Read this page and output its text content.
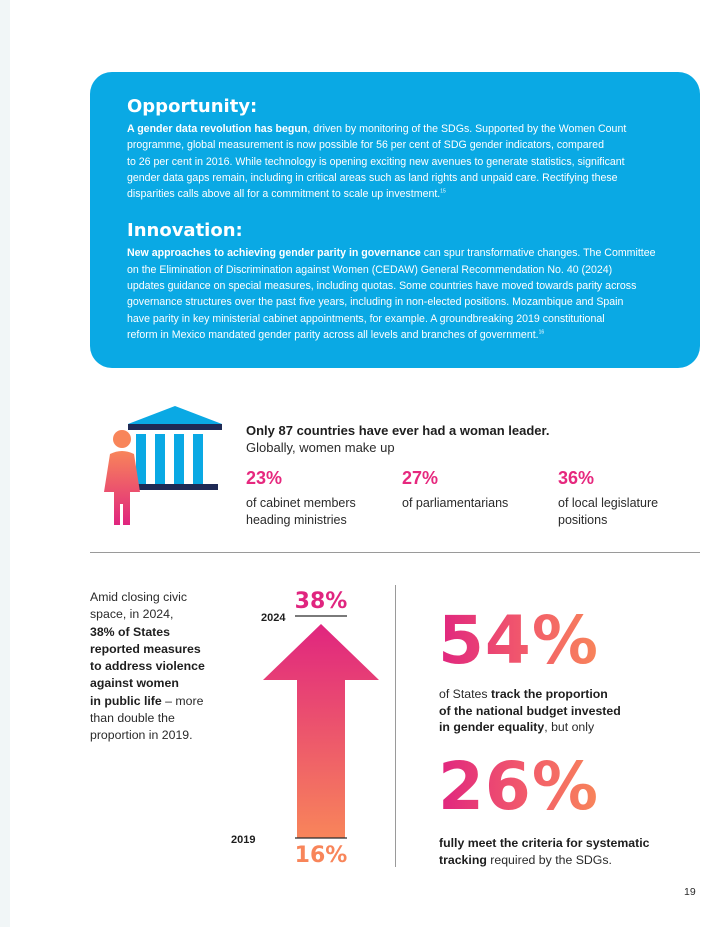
Opportunity:

A gender data revolution has begun, driven by monitoring of the SDGs. Supported by the Women Count
programme, global measurement is now possible for 56 per cent of SDG gender indicators, compared
to 26 per cent in 2016. While technology is opening exciting new avenues to generate statistics, significant
gender data gaps remain, including in critical areas such as land rights and unpaid care. Rectifying these
disparities calls above all for a commitment to scale up investment.$^{15}$

Innovation:

New approaches to achieving gender parity in governance can spur transformative changes. The Committee
on the Elimination of Discrimination against Women (CEDAW) General Recommendation No. 40 (2024)
updates guidance on special measures, including quotas. Some countries have moved towards parity across
governance structures over the past five years, including in non-elected positions. Mozambique and Spain
have parity in key ministerial cabinet appointments, for example. A groundbreaking 2019 constitutional
reform in Mexico mandated gender parity across all levels and branches of government.$^{16}$

Only 87 countries have ever had a woman leader.
Globally, women make up
23%
of cabinet members
heading ministries
27%
of parliamentarians
36%
of local legislature
positions
Amid closing civic
space, in 2024,
38% of States
reported measures
to address violence
against women
in public life – more
than double the
proportion in 2019.
2024
2019
38%
16%
54%
of States track the proportion
of the national budget invested
in gender equality, but only
26%
fully meet the criteria for systematic
tracking required by the SDGs.
19
